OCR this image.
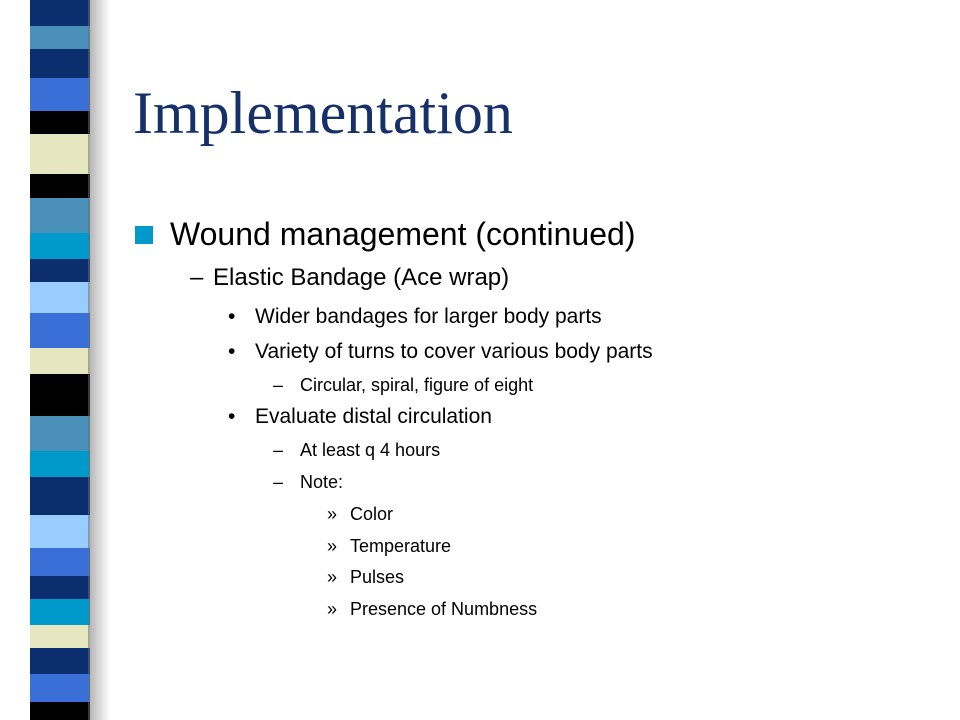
Implementation
Wound management (continued)
– Elastic Bandage (Ace wrap)
• Wider bandages for larger body parts
• Variety of turns to cover various body parts
– Circular, spiral, figure of eight
• Evaluate distal circulation
– At least q 4 hours
– Note:
» Color
» Temperature
» Pulses
» Presence of Numbness
